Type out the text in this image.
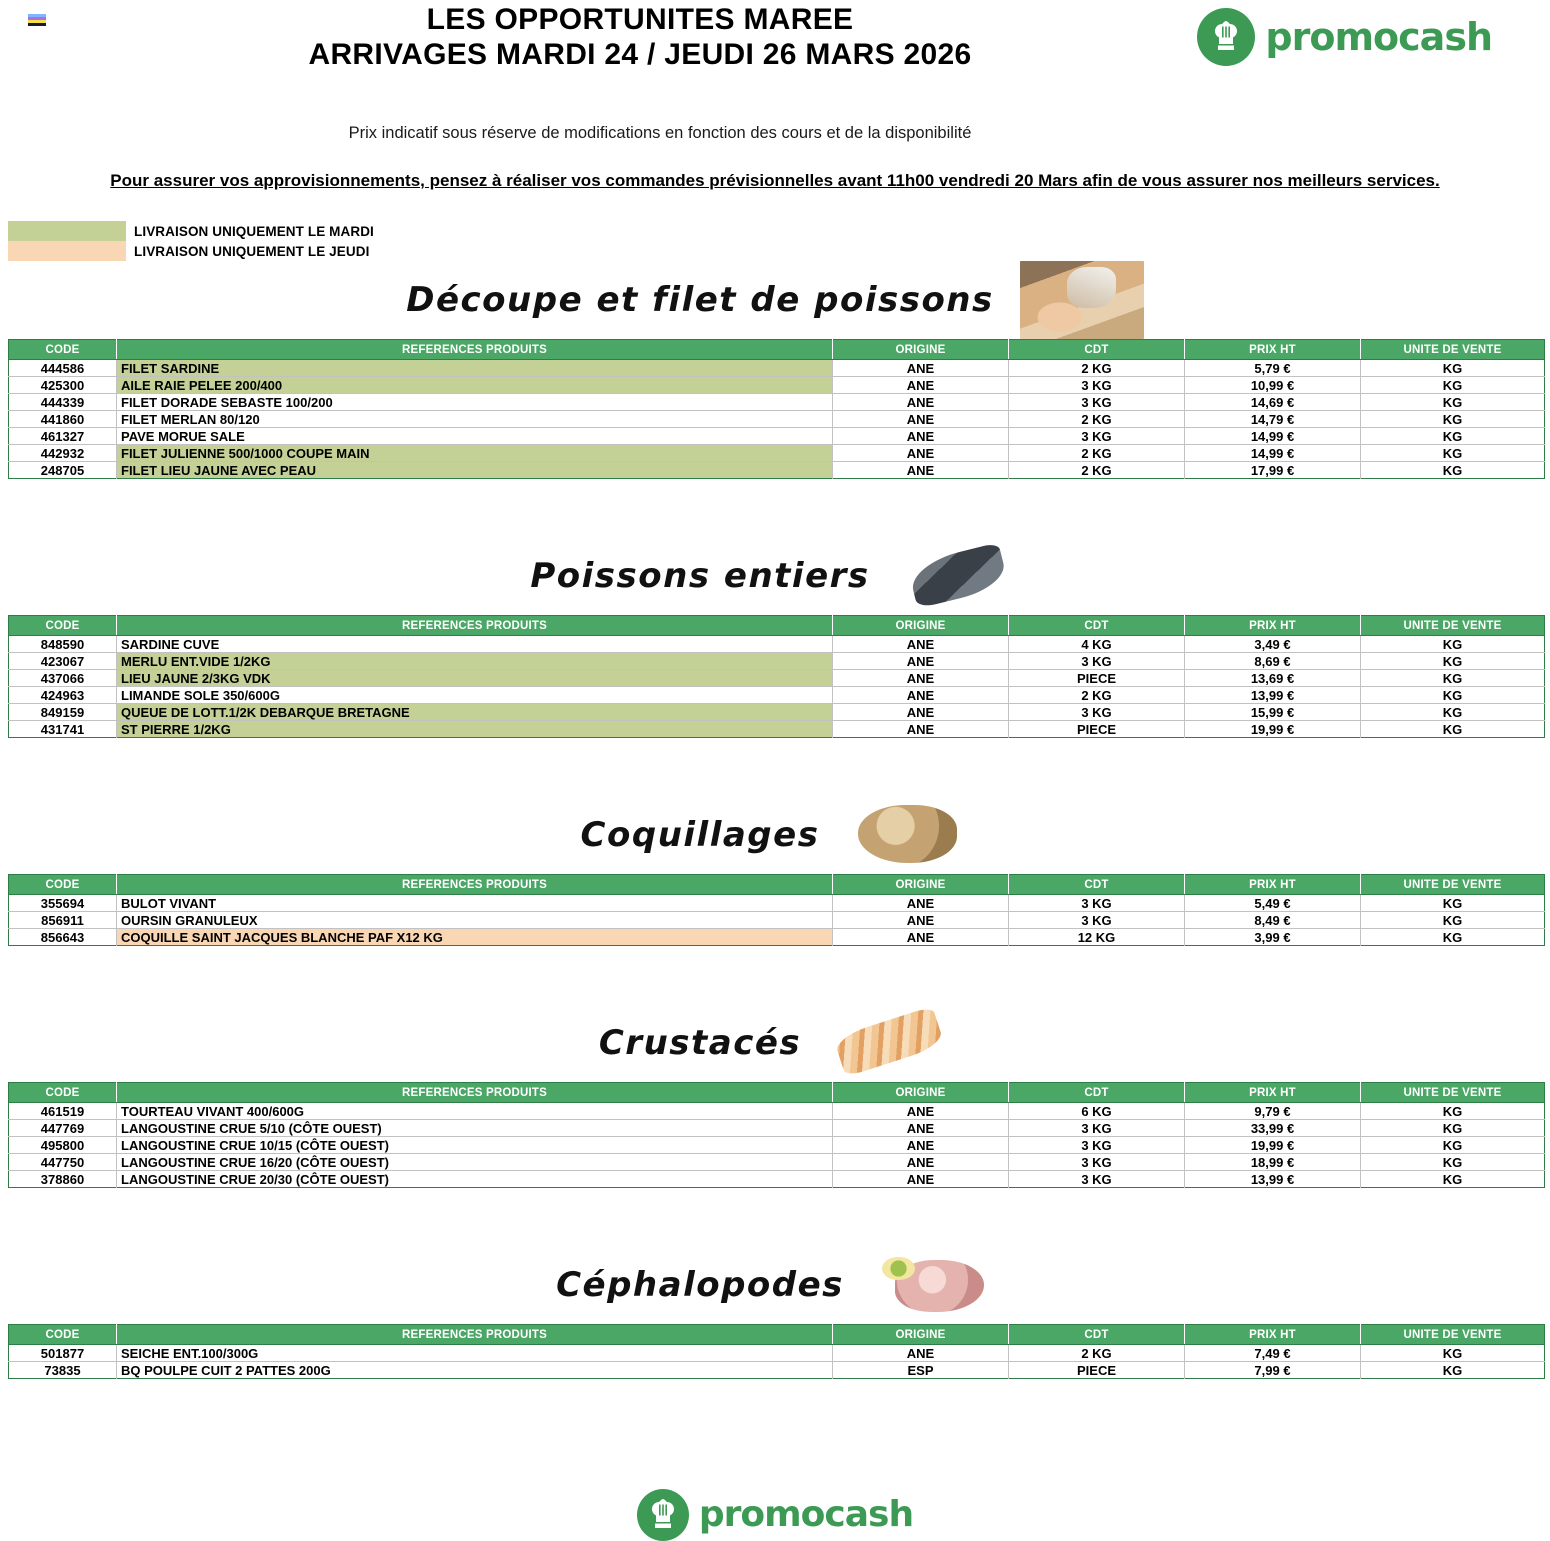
LES OPPORTUNITES MAREE
ARRIVAGES MARDI 24 / JEUDI 26 MARS 2026	promocash
Prix indicatif sous réserve de modifications en fonction des cours et de la disponibilité
Pour assurer vos approvisionnements, pensez à réaliser vos commandes prévisionnelles avant 11h00 vendredi 20 Mars afin de vous assurer nos meilleurs services.
LIVRAISON UNIQUEMENT LE MARDI
LIVRAISON UNIQUEMENT LE JEUDI
Découpe et filet de poissons
CODE	REFERENCES PRODUITS	ORIGINE	CDT	PRIX HT	UNITE DE VENTE
444586	FILET SARDINE	ANE	2 KG	5,79 €	KG
425300	AILE RAIE PELEE 200/400	ANE	3 KG	10,99 €	KG
444339	FILET DORADE SEBASTE 100/200	ANE	3 KG	14,69 €	KG
441860	FILET MERLAN 80/120	ANE	2 KG	14,79 €	KG
461327	PAVE MORUE SALE	ANE	3 KG	14,99 €	KG
442932	FILET JULIENNE 500/1000 COUPE MAIN	ANE	2 KG	14,99 €	KG
248705	FILET LIEU JAUNE AVEC PEAU	ANE	2 KG	17,99 €	KG
Poissons entiers
CODE	REFERENCES PRODUITS	ORIGINE	CDT	PRIX HT	UNITE DE VENTE
848590	SARDINE CUVE	ANE	4 KG	3,49 €	KG
423067	MERLU ENT.VIDE 1/2KG	ANE	3 KG	8,69 €	KG
437066	LIEU JAUNE 2/3KG VDK	ANE	PIECE	13,69 €	KG
424963	LIMANDE SOLE 350/600G	ANE	2 KG	13,99 €	KG
849159	QUEUE DE LOTT.1/2K DEBARQUE BRETAGNE	ANE	3 KG	15,99 €	KG
431741	ST PIERRE 1/2KG	ANE	PIECE	19,99 €	KG
Coquillages
CODE	REFERENCES PRODUITS	ORIGINE	CDT	PRIX HT	UNITE DE VENTE
355694	BULOT VIVANT	ANE	3 KG	5,49 €	KG
856911	OURSIN GRANULEUX	ANE	3 KG	8,49 €	KG
856643	COQUILLE SAINT JACQUES BLANCHE PAF X12 KG	ANE	12 KG	3,99 €	KG
Crustacés
CODE	REFERENCES PRODUITS	ORIGINE	CDT	PRIX HT	UNITE DE VENTE
461519	TOURTEAU VIVANT 400/600G	ANE	6 KG	9,79 €	KG
447769	LANGOUSTINE CRUE 5/10 (CÔTE OUEST)	ANE	3 KG	33,99 €	KG
495800	LANGOUSTINE CRUE 10/15 (CÔTE OUEST)	ANE	3 KG	19,99 €	KG
447750	LANGOUSTINE CRUE 16/20 (CÔTE OUEST)	ANE	3 KG	18,99 €	KG
378860	LANGOUSTINE CRUE 20/30 (CÔTE OUEST)	ANE	3 KG	13,99 €	KG
Céphalopodes
CODE	REFERENCES PRODUITS	ORIGINE	CDT	PRIX HT	UNITE DE VENTE
501877	SEICHE ENT.100/300G	ANE	2 KG	7,49 €	KG
73835	BQ POULPE CUIT 2 PATTES 200G	ESP	PIECE	7,99 €	KG
promocash
